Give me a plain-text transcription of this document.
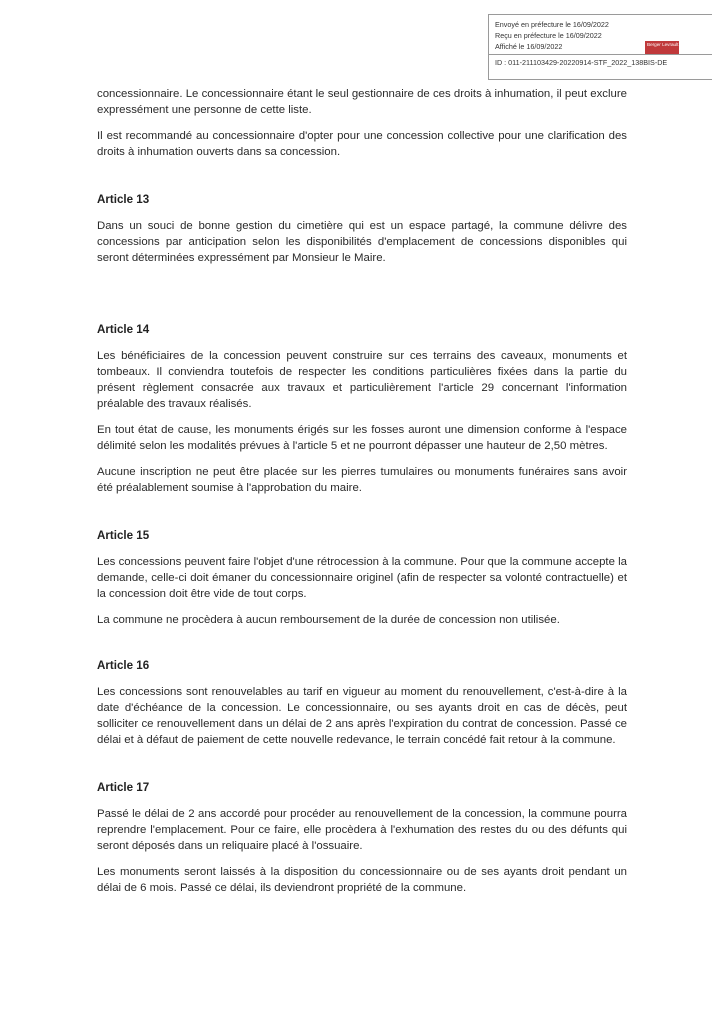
Envoyé en préfecture le 16/09/2022
Reçu en préfecture le 16/09/2022
Affiché le 16/09/2022
ID : 011-211103429-20220914-STF_2022_138BIS-DE
Berger Levrault

concessionnaire. Le concessionnaire étant le seul gestionnaire de ces droits à inhumation, il peut exclure expressément une personne de cette liste.

Il est recommandé au concessionnaire d'opter pour une concession collective pour une clarification des droits à inhumation ouverts dans sa concession.

Article 13

Dans un souci de bonne gestion du cimetière qui est un espace partagé, la commune délivre des concessions par anticipation selon les disponibilités d'emplacement de concessions disponibles qui seront déterminées expressément par Monsieur le Maire.

Article 14

Les bénéficiaires de la concession peuvent construire sur ces terrains des caveaux, monuments et tombeaux. Il conviendra toutefois de respecter les conditions particulières fixées dans la partie du présent règlement consacrée aux travaux et particulièrement l'article 29 concernant l'information préalable des travaux réalisés.

En tout état de cause, les monuments érigés sur les fosses auront une dimension conforme à l'espace délimité selon les modalités prévues à l'article 5 et ne pourront dépasser une hauteur de 2,50 mètres.

Aucune inscription ne peut être placée sur les pierres tumulaires ou monuments funéraires sans avoir été préalablement soumise à l'approbation du maire.

Article 15

Les concessions peuvent faire l'objet d'une rétrocession à la commune. Pour que la commune accepte la demande, celle-ci doit émaner du concessionnaire originel (afin de respecter sa volonté contractuelle) et la concession doit être vide de tout corps.

La commune ne procèdera à aucun remboursement de la durée de concession non utilisée.

Article 16

Les concessions sont renouvelables au tarif en vigueur au moment du renouvellement, c'est-à-dire à la date d'échéance de la concession. Le concessionnaire, ou ses ayants droit en cas de décès, peut solliciter ce renouvellement dans un délai de 2 ans après l'expiration du contrat de concession. Passé ce délai et à défaut de paiement de cette nouvelle redevance, le terrain concédé fait retour à la commune.

Article 17

Passé le délai de 2 ans accordé pour procéder au renouvellement de la concession, la commune pourra reprendre l'emplacement. Pour ce faire, elle procèdera à l'exhumation des restes du ou des défunts qui seront déposés dans un reliquaire placé à l'ossuaire.

Les monuments seront laissés à la disposition du concessionnaire ou de ses ayants droit pendant un délai de 6 mois. Passé ce délai, ils deviendront propriété de la commune.
